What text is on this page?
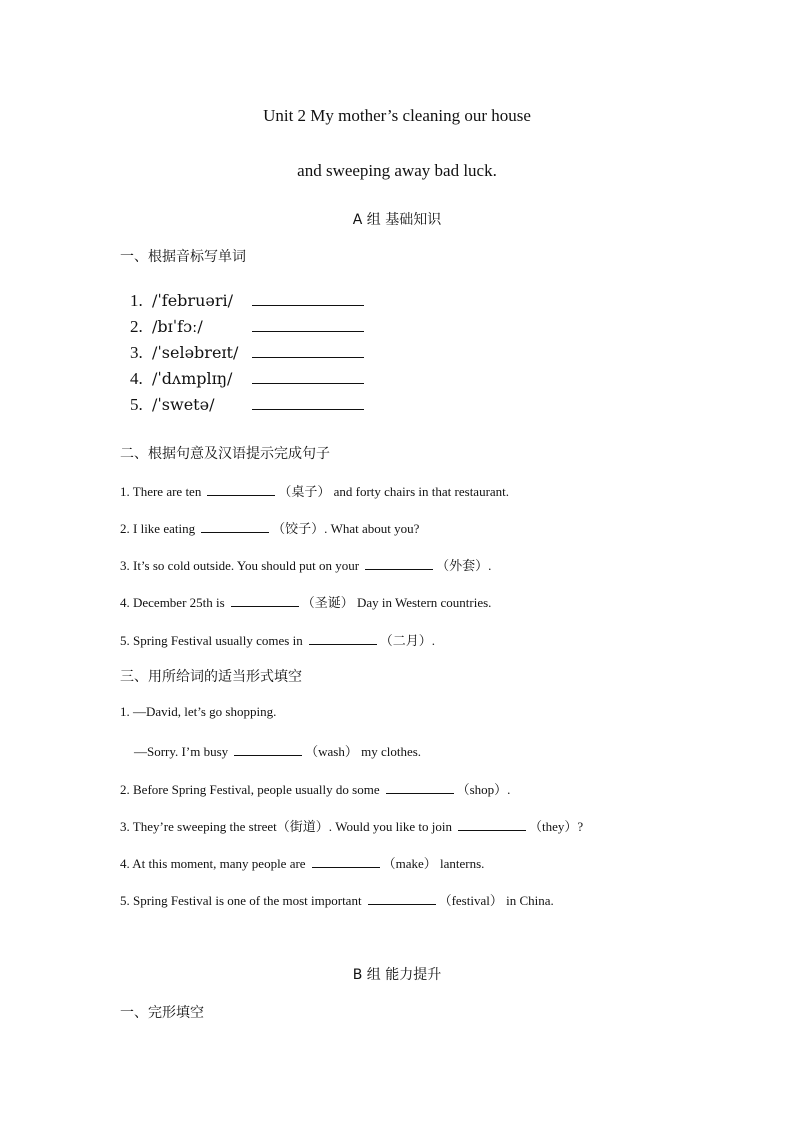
Unit 2 My mother’s cleaning our house
and sweeping away bad luck.
A 组 基础知识
一、根据音标写单词
1. /ˈfebruəri/
2. /bɪˈfɔː/
3. /ˈseləbreɪt/
4. /ˈdʌmplɪŋ/
5. /ˈswetə/
二、根据句意及汉语提示完成句子
1. There are ten	（桌子） and forty chairs in that restaurant.
2. I like eating	（饺子）. What about you?
3. It’s so cold outside. You should put on your	（外套）.
4. December 25th is	（圣诞） Day in Western countries.
5. Spring Festival usually comes in	（二月）.
三、用所给词的适当形式填空
1. —David, let’s go shopping.
—Sorry. I’m busy	（wash） my clothes.
2. Before Spring Festival, people usually do some	（shop）.
3. They’re sweeping the street（街道）. Would you like to join	（they）?
4. At this moment, many people are	（make） lanterns.
5. Spring Festival is one of the most important	（festival） in China.
B 组 能力提升
一、完形填空
